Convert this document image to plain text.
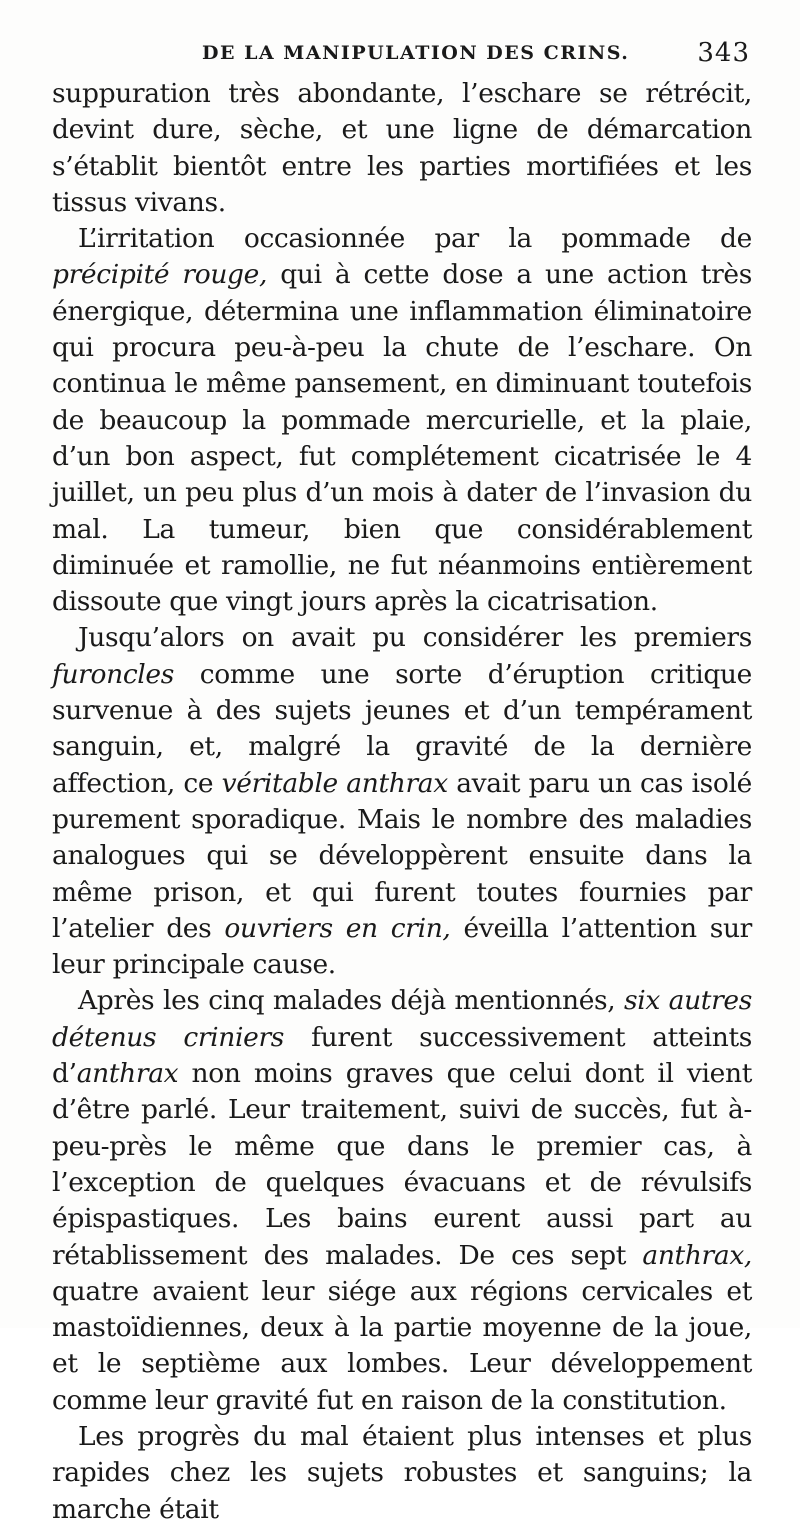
DE LA MANIPULATION DES CRINS.	343

suppuration très abondante, l’eschare se rétrécit, devint dure, sèche, et une ligne de démarcation s’établit bientôt entre les parties mortifiées et les tissus vivans.

L’irritation occasionnée par la pommade de précipité rouge, qui à cette dose a une action très énergique, détermina une inflammation éliminatoire qui procura peu-à-peu la chute de l’eschare. On continua le même pansement, en diminuant toutefois de beaucoup la pommade mercurielle, et la plaie, d’un bon aspect, fut complétement cicatrisée le 4 juillet, un peu plus d’un mois à dater de l’invasion du mal. La tumeur, bien que considérablement diminuée et ramollie, ne fut néanmoins entièrement dissoute que vingt jours après la cicatrisation.

Jusqu’alors on avait pu considérer les premiers furoncles comme une sorte d’éruption critique survenue à des sujets jeunes et d’un tempérament sanguin, et, malgré la gravité de la dernière affection, ce véritable anthrax avait paru un cas isolé purement sporadique. Mais le nombre des maladies analogues qui se développèrent ensuite dans la même prison, et qui furent toutes fournies par l’atelier des ouvriers en crin, éveilla l’attention sur leur principale cause.

Après les cinq malades déjà mentionnés, six autres détenus criniers furent successivement atteints d’anthrax non moins graves que celui dont il vient d’être parlé. Leur traitement, suivi de succès, fut à-peu-près le même que dans le premier cas, à l’exception de quelques évacuans et de révulsifs épispastiques. Les bains eurent aussi part au rétablissement des malades. De ces sept anthrax, quatre avaient leur siége aux régions cervicales et mastoïdiennes, deux à la partie moyenne de la joue, et le septième aux lombes. Leur développement comme leur gravité fut en raison de la constitution.

Les progrès du mal étaient plus intenses et plus rapides chez les sujets robustes et sanguins; la marche était
